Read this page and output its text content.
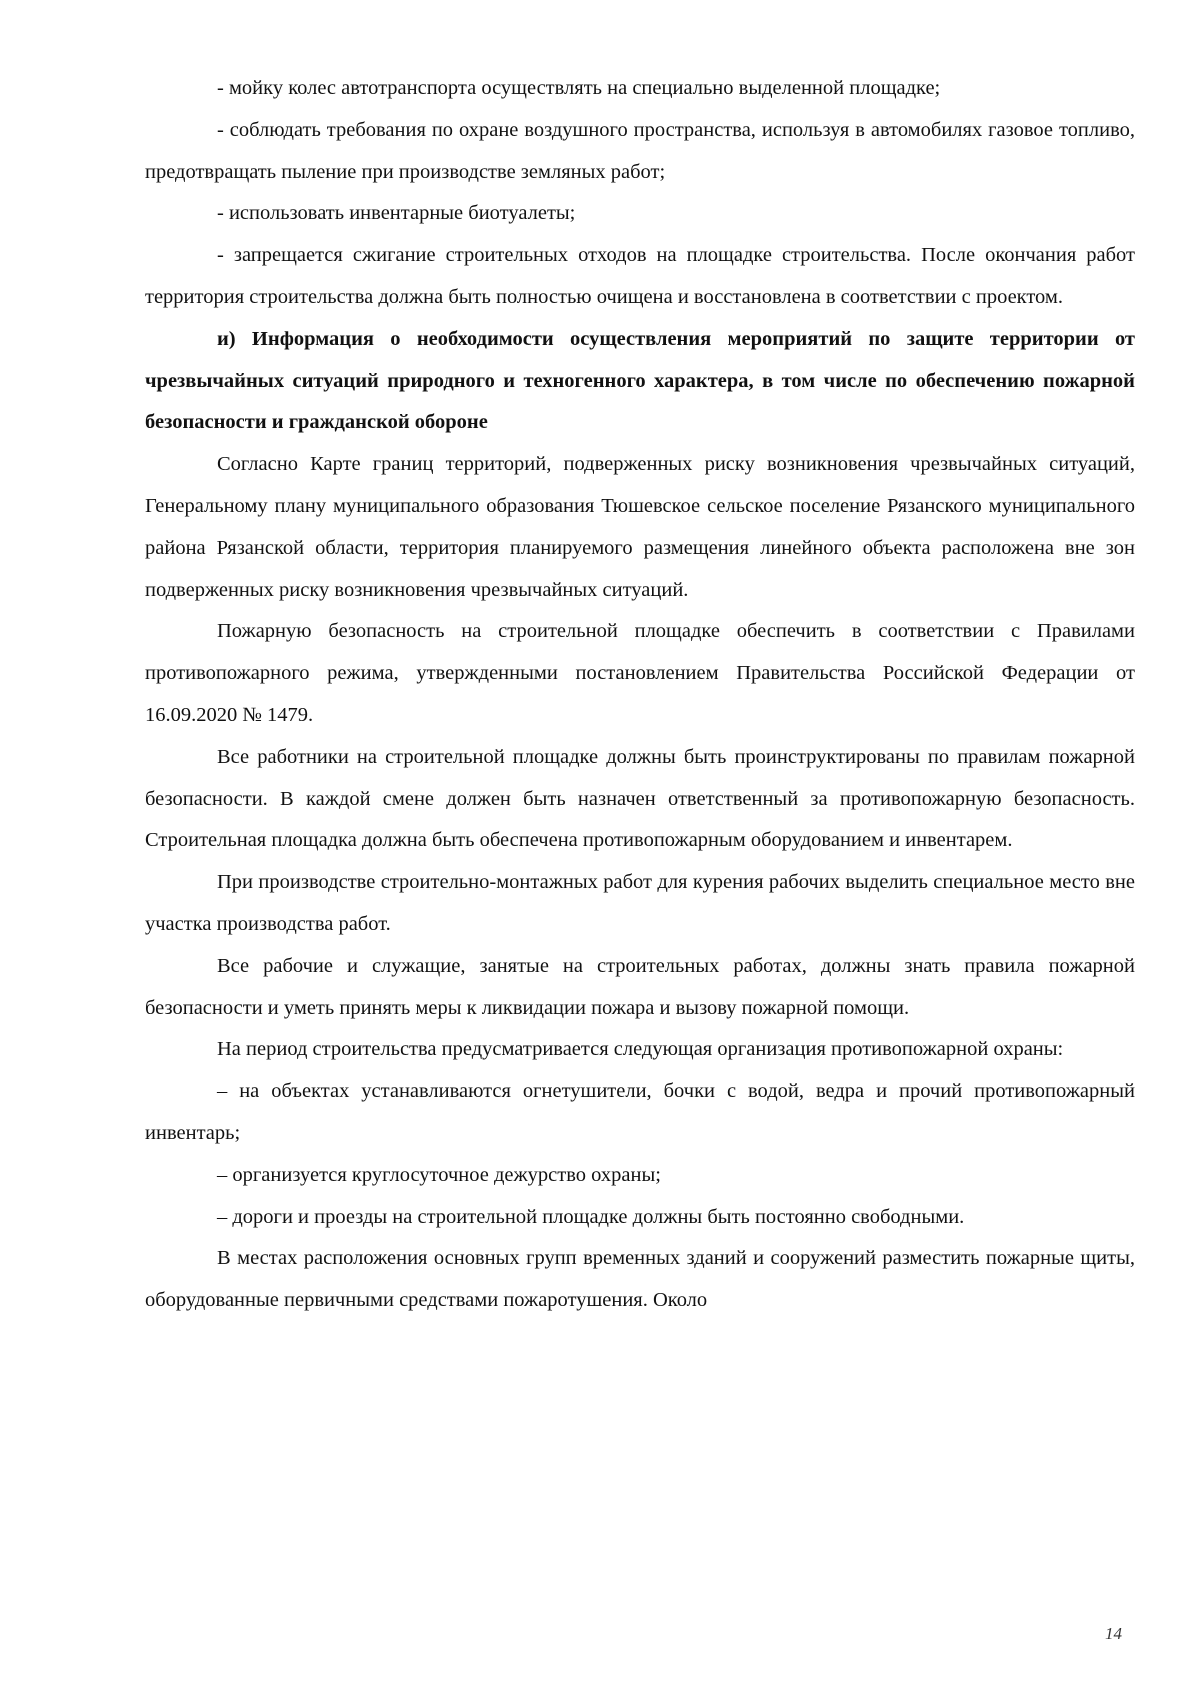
- мойку колес автотранспорта осуществлять на специально выделенной площадке;

- соблюдать требования по охране воздушного пространства, используя в автомобилях газовое топливо, предотвращать пыление при производстве земляных работ;

- использовать инвентарные биотуалеты;

- запрещается сжигание строительных отходов на площадке строительства. После окончания работ территория строительства должна быть полностью очищена и восстановлена в соответствии с проектом.

и) Информация о необходимости осуществления мероприятий по защите территории от чрезвычайных ситуаций природного и техногенного характера, в том числе по обеспечению пожарной безопасности и гражданской обороне

Согласно Карте границ территорий, подверженных риску возникновения чрезвычайных ситуаций, Генеральному плану муниципального образования Тюшевское сельское поселение Рязанского муниципального района Рязанской области, территория планируемого размещения линейного объекта расположена вне зон подверженных риску возникновения чрезвычайных ситуаций.

Пожарную безопасность на строительной площадке обеспечить в соответствии с Правилами противопожарного режима, утвержденными постановлением Правительства Российской Федерации от 16.09.2020 № 1479.

Все работники на строительной площадке должны быть проинструктированы по правилам пожарной безопасности. В каждой смене должен быть назначен ответственный за противопожарную безопасность. Строительная площадка должна быть обеспечена противопожарным оборудованием и инвентарем.

При производстве строительно-монтажных работ для курения рабочих выделить специальное место вне участка производства работ.

Все рабочие и служащие, занятые на строительных работах, должны знать правила пожарной безопасности и уметь принять меры к ликвидации пожара и вызову пожарной помощи.

На период строительства предусматривается следующая организация противопожарной охраны:

– на объектах устанавливаются огнетушители, бочки с водой, ведра и прочий противопожарный инвентарь;

– организуется круглосуточное дежурство охраны;

– дороги и проезды на строительной площадке должны быть постоянно свободными.

В местах расположения основных групп временных зданий и сооружений разместить пожарные щиты, оборудованные первичными средствами пожаротушения. Около

14
